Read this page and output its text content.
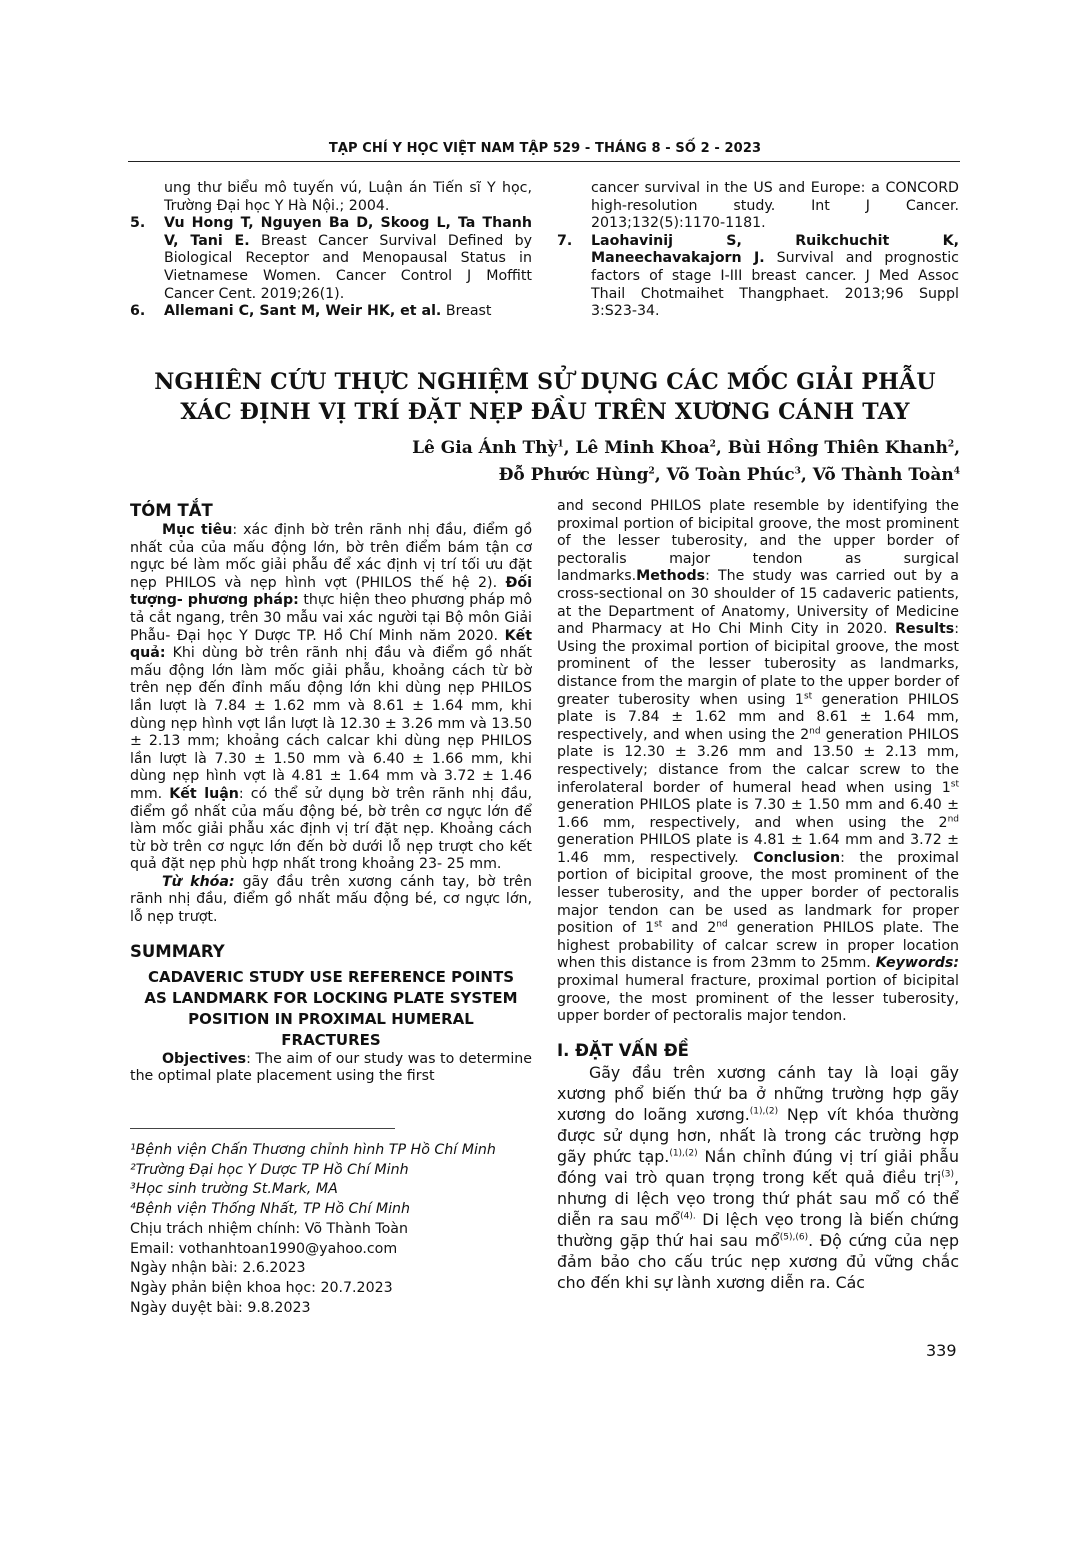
TẠP CHÍ Y HỌC VIỆT NAM TẬP 529 - THÁNG 8 - SỐ 2 - 2023
ung thư biểu mô tuyến vú, Luận án Tiến sĩ Y học, Trường Đại học Y Hà Nội.; 2004.
5.	Vu Hong T, Nguyen Ba D, Skoog L, Ta Thanh V, Tani E. Breast Cancer Survival Defined by Biological Receptor and Menopausal Status in Vietnamese Women. Cancer Control J Moffitt Cancer Cent. 2019;26(1).
6.	Allemani C, Sant M, Weir HK, et al. Breast
cancer survival in the US and Europe: a CONCORD high-resolution study. Int J Cancer. 2013;132(5):1170-1181.
7.	Laohavinij S, Ruikchuchit K, Maneechavakajorn J. Survival and prognostic factors of stage I-III breast cancer. J Med Assoc Thail Chotmaihet Thangphaet. 2013;96 Suppl 3:S23-34.
NGHIÊN CỨU THỰC NGHIỆM SỬ DỤNG CÁC MỐC GIẢI PHẪU
XÁC ĐỊNH VỊ TRÍ ĐẶT NẸP ĐẦU TRÊN XƯƠNG CÁNH TAY
Lê Gia Ánh Thỳ$^1$, Lê Minh Khoa$^2$, Bùi Hồng Thiên Khanh$^2$,
Đỗ Phước Hùng$^2$, Võ Toàn Phúc$^3$, Võ Thành Toàn$^4$
TÓM TẮT
Mục tiêu: xác định bờ trên rãnh nhị đầu, điểm gồ nhất của của mấu động lớn, bờ trên điểm bám tận cơ ngực bé làm mốc giải phẫu để xác định vị trí tối ưu đặt nẹp PHILOS và nẹp hình vợt (PHILOS thế hệ 2). Đối tượng- phương pháp: thực hiện theo phương pháp mô tả cắt ngang, trên 30 mẫu vai xác người tại Bộ môn Giải Phẫu- Đại học Y Dược TP. Hồ Chí Minh năm 2020. Kết quả: Khi dùng bờ trên rãnh nhị đầu và điểm gồ nhất mấu động lớn làm mốc giải phẫu, khoảng cách từ bờ trên nẹp đến đỉnh mấu động lớn khi dùng nẹp PHILOS lần lượt là 7.84 ± 1.62 mm và 8.61 ± 1.64 mm, khi dùng nẹp hình vợt lần lượt là 12.30 ± 3.26 mm và 13.50 ± 2.13 mm; khoảng cách calcar khi dùng nẹp PHILOS lần lượt là 7.30 ± 1.50 mm và 6.40 ± 1.66 mm, khi dùng nẹp hình vợt là 4.81 ± 1.64 mm và 3.72 ± 1.46 mm. Kết luận: có thể sử dụng bờ trên rãnh nhị đầu, điểm gồ nhất của mấu động bé, bờ trên cơ ngực lớn để làm mốc giải phẫu xác định vị trí đặt nẹp. Khoảng cách từ bờ trên cơ ngực lớn đến bờ dưới lỗ nẹp trượt cho kết quả đặt nẹp phù hợp nhất trong khoảng 23- 25 mm.
Từ khóa: gãy đầu trên xương cánh tay, bờ trên rãnh nhị đầu, điểm gồ nhất mấu động bé, cơ ngực lớn, lỗ nẹp trượt.
SUMMARY
CADAVERIC STUDY USE REFERENCE POINTS AS LANDMARK FOR LOCKING PLATE SYSTEM POSITION IN PROXIMAL HUMERAL FRACTURES
Objectives: The aim of our study was to determine the optimal plate placement using the first
¹Bệnh viện Chấn Thương chỉnh hình TP Hồ Chí Minh
²Trường Đại học Y Dược TP Hồ Chí Minh
³Học sinh trường St.Mark, MA
⁴Bệnh viện Thống Nhất, TP Hồ Chí Minh
Chịu trách nhiệm chính: Võ Thành Toàn
Email: vothanhtoan1990@yahoo.com
Ngày nhận bài: 2.6.2023
Ngày phản biện khoa học: 20.7.2023
Ngày duyệt bài: 9.8.2023
and second PHILOS plate resemble by identifying the proximal portion of bicipital groove, the most prominent of the lesser tuberosity, and the upper border of pectoralis major tendon as surgical landmarks.Methods: The study was carried out by a cross-sectional on 30 shoulder of 15 cadaveric patients, at the Department of Anatomy, University of Medicine and Pharmacy at Ho Chi Minh City in 2020. Results: Using the proximal portion of bicipital groove, the most prominent of the lesser tuberosity as landmarks, distance from the margin of plate to the upper border of greater tuberosity when using 1st generation PHILOS plate is 7.84 ± 1.62 mm and 8.61 ± 1.64 mm, respectively, and when using the 2nd generation PHILOS plate is 12.30 ± 3.26 mm and 13.50 ± 2.13 mm, respectively; distance from the calcar screw to the inferolateral border of humeral head when using 1st generation PHILOS plate is 7.30 ± 1.50 mm and 6.40 ± 1.66 mm, respectively, and when using the 2nd generation PHILOS plate is 4.81 ± 1.64 mm and 3.72 ± 1.46 mm, respectively. Conclusion: the proximal portion of bicipital groove, the most prominent of the lesser tuberosity, and the upper border of pectoralis major tendon can be used as landmark for proper position of 1st and 2nd generation PHILOS plate. The highest probability of calcar screw in proper location when this distance is from 23mm to 25mm. Keywords: proximal humeral fracture, proximal portion of bicipital groove, the most prominent of the lesser tuberosity, upper border of pectoralis major tendon.
I. ĐẶT VẤN ĐỀ
Gãy đầu trên xương cánh tay là loại gãy xương phổ biến thứ ba ở những trường hợp gãy xương do loãng xương.$^{(1),(2)}$ Nẹp vít khóa thường được sử dụng hơn, nhất là trong các trường hợp gãy phức tạp.$^{(1),(2)}$ Nắn chỉnh đúng vị trí giải phẫu đóng vai trò quan trọng trong kết quả điều trị$^{(3)}$, nhưng di lệch vẹo trong thứ phát sau mổ có thể diễn ra sau mổ$^{(4).}$ Di lệch vẹo trong là biến chứng thường gặp thứ hai sau mổ$^{(5),(6)}$. Độ cứng của nẹp đảm bảo cho cấu trúc nẹp xương đủ vững chắc cho đến khi sự lành xương diễn ra. Các
339
